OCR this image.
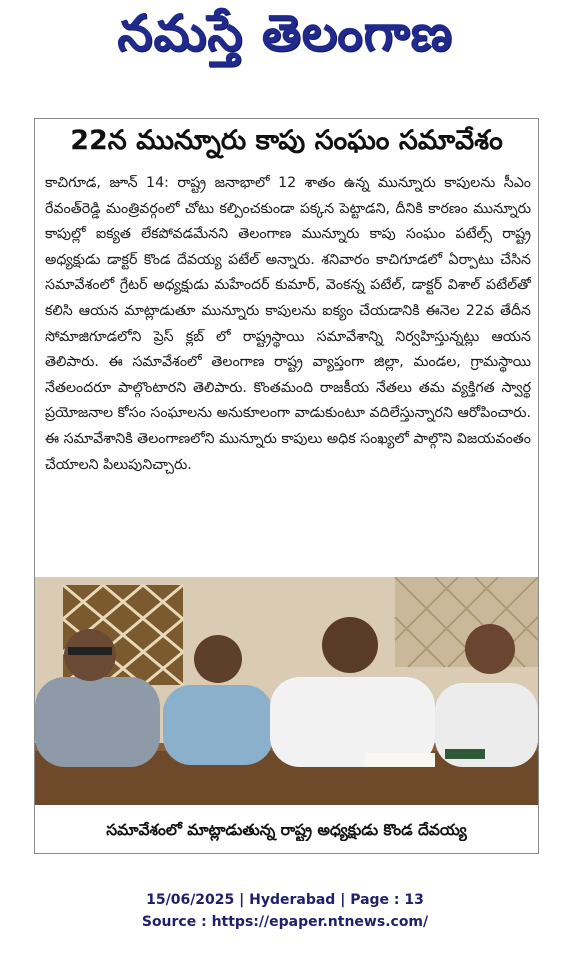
నమస్తే తెలంగాణ
22న మున్నూరు కాపు సంఘం సమావేశం
కాచిగూడ, జూన్ 14: రాష్ట్ర జనాభాలో 12 శాతం ఉన్న మున్నూరు కాపులను సీఎం రేవంత్‌రెడ్డి మంత్రివర్గంలో చోటు కల్పించకుండా పక్కన పెట్టాడని, దీనికి కారణం మున్నూరు కాపుల్లో ఐక్యత లేకపోవడమేనని తెలంగాణ మున్నూరు కాపు సంఘం పటేల్స్ రాష్ట్ర అధ్యక్షుడు డాక్టర్ కొండ దేవయ్య పటేల్ అన్నారు. శనివారం కాచిగూడలో ఏర్పాటు చేసిన సమావేశంలో గ్రేటర్ అధ్యక్షుడు మహేందర్ కుమార్, వెంకన్న పటేల్, డాక్టర్ విశాల్ పటేల్‌తో కలిసి ఆయన మాట్లాడుతూ మున్నూరు కాపులను ఐక్యం చేయడానికి ఈనెల 22వ తేదీన సోమాజిగూడలోని ప్రెస్ క్లబ్ లో రాష్ట్రస్థాయి సమావేశాన్ని నిర్వహిస్తున్నట్లు ఆయన తెలిపారు. ఈ సమావేశంలో తెలంగాణ రాష్ట్ర వ్యాప్తంగా జిల్లా, మండల, గ్రామస్థాయి నేతలందరూ పాల్గొంటారని తెలిపారు. కొంతమంది రాజకీయ నేతలు తమ వ్యక్తిగత స్వార్థ ప్రయోజనాల కోసం సంఘాలను అనుకూలంగా వాడుకుంటూ వదిలేస్తున్నారని ఆరోపించారు. ఈ సమావేశానికి తెలంగాణలోని మున్నూరు కాపులు అధిక సంఖ్యలో పాల్గొని విజయవంతం చేయాలని పిలుపునిచ్చారు.
సమావేశంలో మాట్లాడుతున్న రాష్ట్ర అధ్యక్షుడు కొండ దేవయ్య
15/06/2025 | Hyderabad | Page : 13
Source : https://epaper.ntnews.com/
